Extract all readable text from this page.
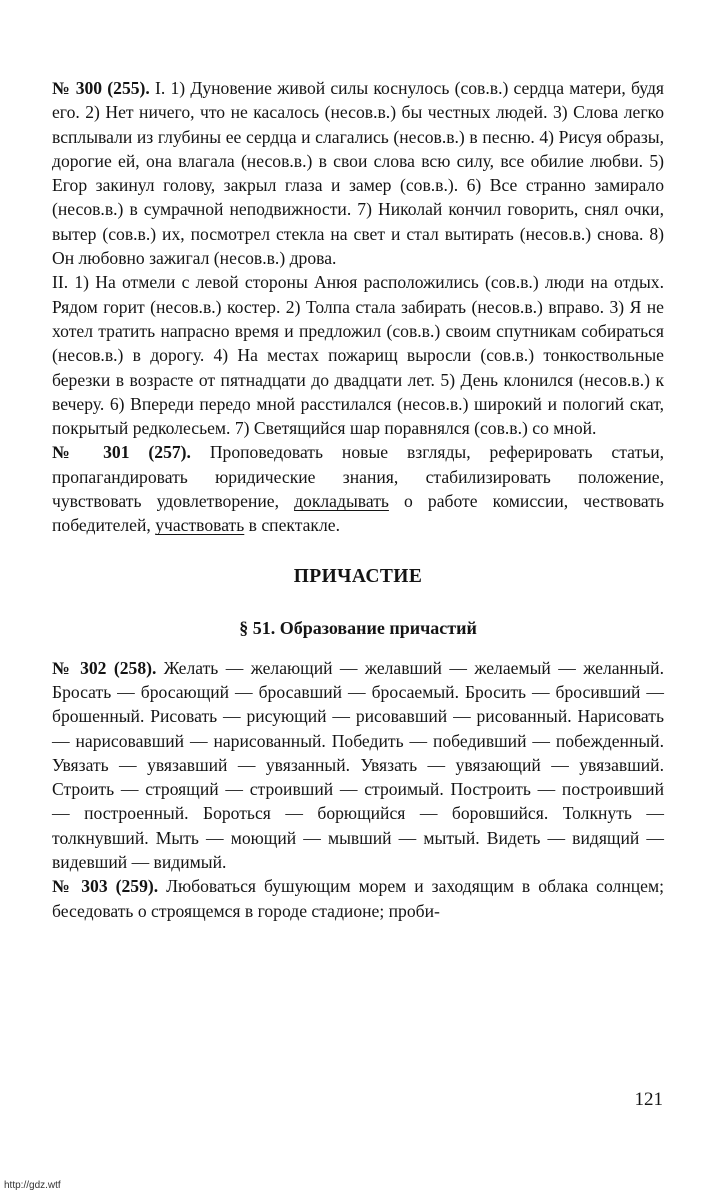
№ 300 (255). I. 1) Дуновение живой силы коснулось (сов.в.) сердца матери, будя его. 2) Нет ничего, что не касалось (несов.в.) бы честных людей. 3) Слова легко всплывали из глубины ее сердца и слагались (несов.в.) в песню. 4) Рисуя образы, дорогие ей, она влагала (несов.в.) в свои слова всю силу, все обилие любви. 5) Егор закинул голову, закрыл глаза и замер (сов.в.). 6) Все странно замирало (несов.в.) в сумрачной неподвижности. 7) Николай кончил говорить, снял очки, вытер (сов.в.) их, посмотрел стекла на свет и стал вытирать (несов.в.) снова. 8) Он любовно зажигал (несов.в.) дрова.

II. 1) На отмели с левой стороны Анюя расположились (сов.в.) люди на отдых. Рядом горит (несов.в.) костер. 2) Толпа стала забирать (несов.в.) вправо. 3) Я не хотел тратить напрасно время и предложил (сов.в.) своим спутникам собираться (несов.в.) в дорогу. 4) На местах пожарищ выросли (сов.в.) тонкоствольные березки в возрасте от пятнадцати до двадцати лет. 5) День клонился (несов.в.) к вечеру. 6) Впереди передо мной расстилался (несов.в.) широкий и пологий скат, покрытый редколесьем. 7) Светящийся шар поравнялся (сов.в.) со мной.

№ 301 (257). Проповедовать новые взгляды, реферировать статьи, пропагандировать юридические знания, стабилизировать положение, чувствовать удовлетворение, докладывать о работе комиссии, чествовать победителей, участвовать в спектакле.

ПРИЧАСТИЕ
§ 51. Образование причастий

№ 302 (258). Желать — желающий — желавший — желаемый — желанный. Бросать — бросающий — бросавший — бросаемый. Бросить — бросивший — брошенный. Рисовать — рисующий — рисовавший — рисованный. Нарисовать — нарисовавший — нарисованный. Победить — победивший — побежденный. Увязать — увязавший — увязанный. Увязать — увязающий — увязавший. Строить — строящий — строивший — строимый. Построить — построивший — построенный. Бороться — борющийся — боровшийся. Толкнуть — толкнувший. Мыть — моющий — мывший — мытый. Видеть — видящий — видевший — видимый.

№ 303 (259). Любоваться бушующим морем и заходящим в облака солнцем; беседовать о строящемся в городе стадионе; проби-

121
http://gdz.wtf
